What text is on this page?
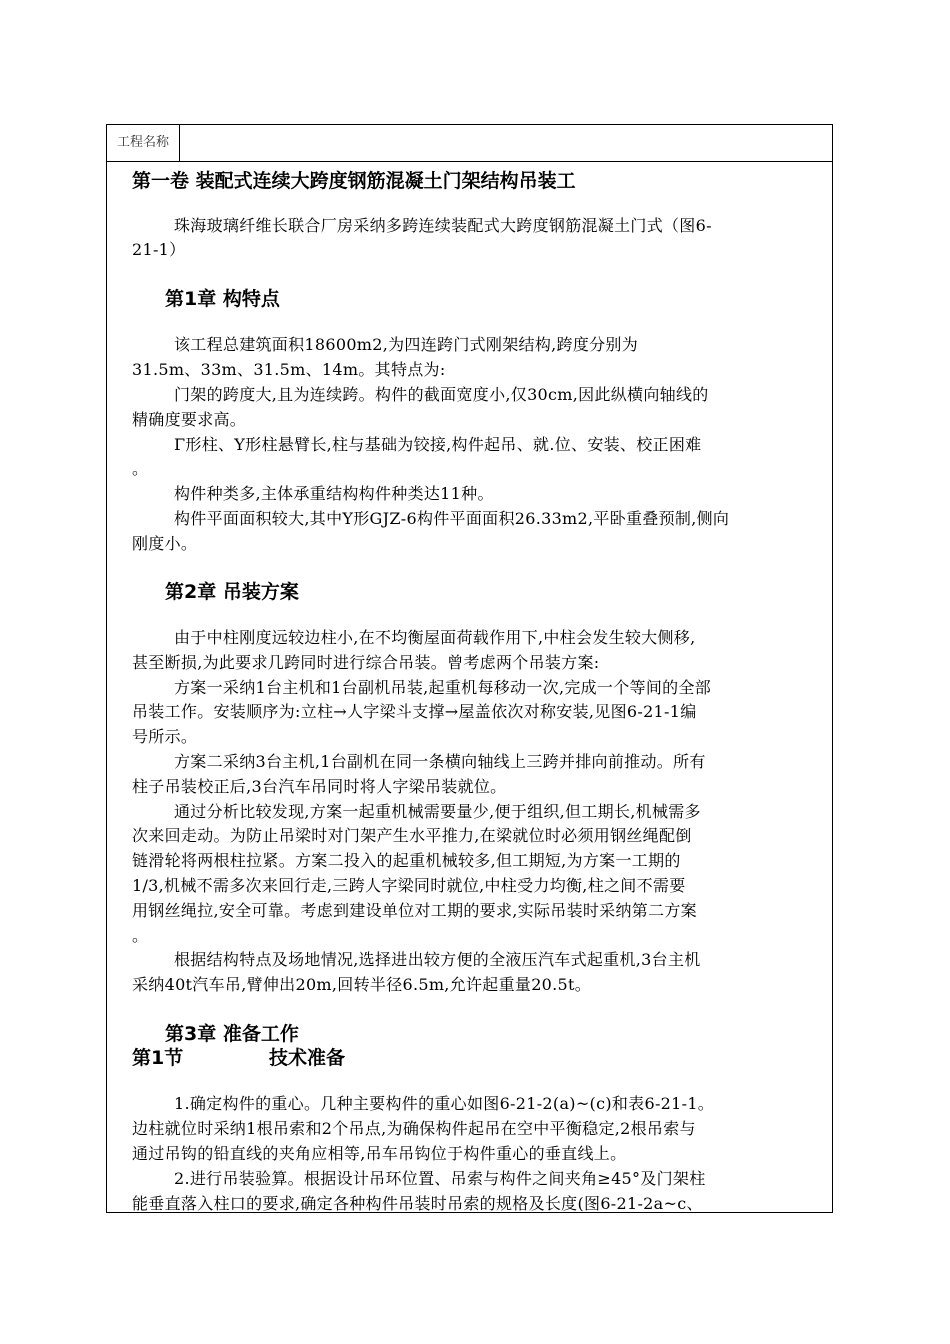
工程名称
第一卷 装配式连续大跨度钢筋混凝土门架结构吊装工
珠海玻璃纤维长联合厂房采纳多跨连续装配式大跨度钢筋混凝土门式（图6-
21-1）
第1章 构特点
该工程总建筑面积18600m2,为四连跨门式刚架结构,跨度分别为
31.5m、33m、31.5m、14m。其特点为:
门架的跨度大,且为连续跨。构件的截面宽度小,仅30cm,因此纵横向轴线的
精确度要求高。
Γ形柱、Y形柱悬臂长,柱与基础为铰接,构件起吊、就.位、安装、校正困难
。
构件种类多,主体承重结构构件种类达11种。
构件平面面积较大,其中Y形GJZ-6构件平面面积26.33m2,平卧重叠预制,侧向
刚度小。
第2章 吊装方案
由于中柱刚度远较边柱小,在不均衡屋面荷载作用下,中柱会发生较大侧移,
甚至断损,为此要求几跨同时进行综合吊装。曾考虑两个吊装方案:
方案一采纳1台主机和1台副机吊装,起重机每移动一次,完成一个等间的全部
吊装工作。安装顺序为:立柱→人字梁斗支撑→屋盖依次对称安装,见图6-21-1编
号所示。
方案二采纳3台主机,1台副机在同一条横向轴线上三跨并排向前推动。所有
柱子吊装校正后,3台汽车吊同时将人字梁吊装就位。
通过分析比较发现,方案一起重机械需要量少,便于组织,但工期长,机械需多
次来回走动。为防止吊梁时对门架产生水平推力,在梁就位时必须用钢丝绳配倒
链滑轮将两根柱拉紧。方案二投入的起重机械较多,但工期短,为方案一工期的
1/3,机械不需多次来回行走,三跨人字梁同时就位,中柱受力均衡,柱之间不需要
用钢丝绳拉,安全可靠。考虑到建设单位对工期的要求,实际吊装时采纳第二方案
。
根据结构特点及场地情况,选择进出较方便的全液压汽车式起重机,3台主机
采纳40t汽车吊,臂伸出20m,回转半径6.5m,允许起重量20.5t。
第3章 准备工作
第1节	技术准备
1.确定构件的重心。几种主要构件的重心如图6-21-2(a)~(c)和表6-21-1。
边柱就位时采纳1根吊索和2个吊点,为确保构件起吊在空中平衡稳定,2根吊索与
通过吊钩的铅直线的夹角应相等,吊车吊钩位于构件重心的垂直线上。
2.进行吊装验算。根据设计吊环位置、吊索与构件之间夹角≥45°及门架柱
能垂直落入柱口的要求,确定各种构件吊装时吊索的规格及长度(图6-21-2a~c、
